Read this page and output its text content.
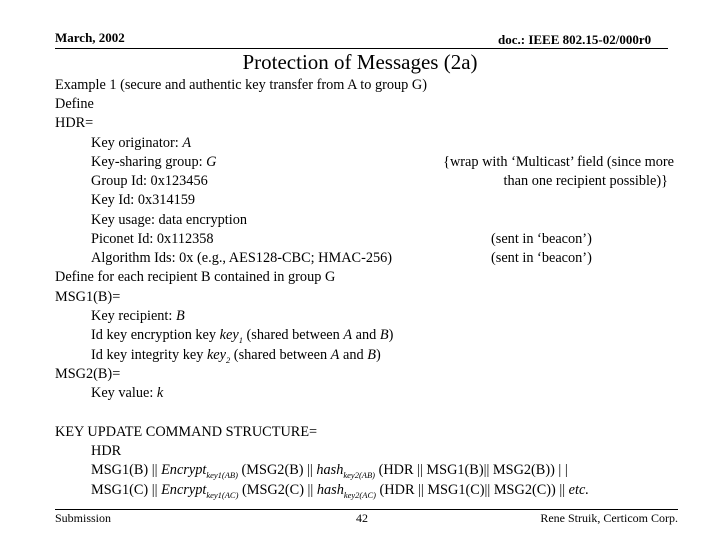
March, 2002	doc.: IEEE 802.15-02/000r0
Protection of Messages (2a)
Example 1 (secure and authentic key transfer from A to group G)
Define
HDR=
Key originator: A
Key-sharing group: G
Group Id: 0x123456
Key Id: 0x314159
Key usage: data encryption
Piconet Id: 0x112358
Algorithm Ids: 0x (e.g., AES128-CBC; HMAC-256)
Define for each recipient B contained in group G
MSG1(B)=
Key recipient: B
Id key encryption key key$_1$ (shared between A and B)
Id key integrity key key$_2$ (shared between A and B)
MSG2(B)=
Key value: k
KEY UPDATE COMMAND STRUCTURE=
HDR
MSG1(B) || Encrypt$_{key1(AB)}$ (MSG2(B) || hash$_{key2(AB)}$ (HDR || MSG1(B)|| MSG2(B)) | |
MSG1(C) || Encrypt$_{key1(AC)}$ (MSG2(C) || hash$_{key2(AC)}$ (HDR || MSG1(C)|| MSG2(C)) || etc.
{wrap with ‘Multicast’ field (since more
than one recipient possible)}
(sent in ‘beacon’)
(sent in ‘beacon’)
Submission	42	Rene Struik, Certicom Corp.
